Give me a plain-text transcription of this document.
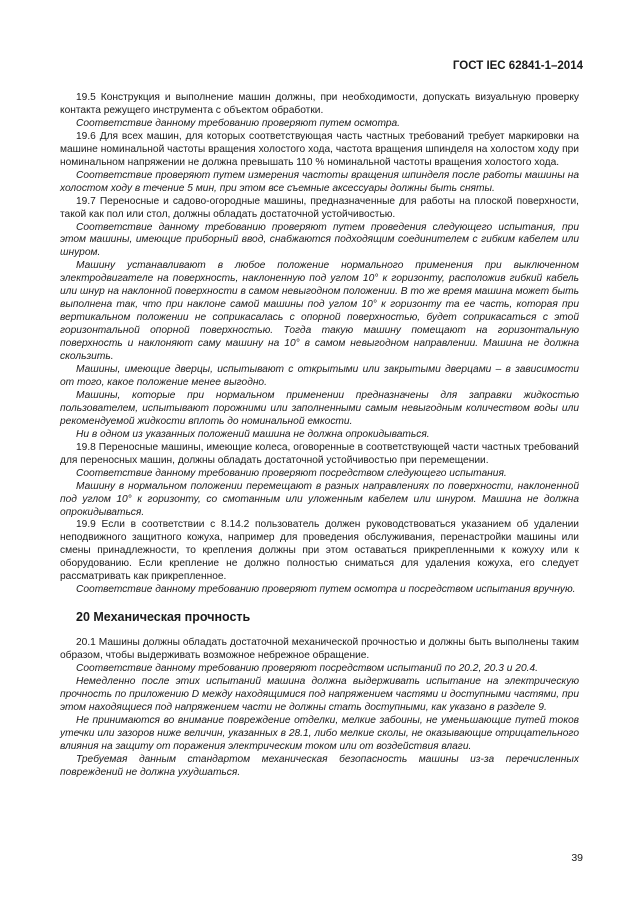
ГОСТ IEC 62841-1–2014

19.5 Конструкция и выполнение машин должны, при необходимости, допускать визуальную проверку контакта режущего инструмента с объектом обработки.

Соответствие данному требованию проверяют путем осмотра.

19.6 Для всех машин, для которых соответствующая часть частных требований требует маркировки на машине номинальной частоты вращения холостого хода, частота вращения шпинделя на холостом ходу при номинальном напряжении не должна превышать 110 % номинальной частоты вращения холостого хода.

Соответствие проверяют путем измерения частоты вращения шпинделя после работы машины на холостом ходу в течение 5 мин, при этом все съемные аксессуары должны быть сняты.

19.7 Переносные и садово-огородные машины, предназначенные для работы на плоской поверхности, такой как пол или стол, должны обладать достаточной устойчивостью.

Соответствие данному требованию проверяют путем проведения следующего испытания, при этом машины, имеющие приборный ввод, снабжаются подходящим соединителем с гибким кабелем или шнуром.

Машину устанавливают в любое положение нормального применения при выключенном электродвигателе на поверхность, наклоненную под углом 10° к горизонту, расположив гибкий кабель или шнур на наклонной поверхности в самом невыгодном положении. В то же время машина может быть выполнена так, что при наклоне самой машины под углом 10° к горизонту та ее часть, которая при вертикальном положении не соприкасалась с опорной поверхностью, будет соприкасаться с этой горизонтальной опорной поверхностью. Тогда такую машину помещают на горизонтальную поверхность и наклоняют саму машину на 10° в самом невыгодном направлении. Машина не должна скользить.

Машины, имеющие дверцы, испытывают с открытыми или закрытыми дверцами – в зависимости от того, какое положение менее выгодно.

Машины, которые при нормальном применении предназначены для заправки жидкостью пользователем, испытывают порожними или заполненными самым невыгодным количеством воды или рекомендуемой жидкости вплоть до номинальной емкости.

Ни в одном из указанных положений машина не должна опрокидываться.

19.8 Переносные машины, имеющие колеса, оговоренные в соответствующей части частных требований для переносных машин, должны обладать достаточной устойчивостью при перемещении.

Соответствие данному требованию проверяют посредством следующего испытания.

Машину в нормальном положении перемещают в разных направлениях по поверхности, наклоненной под углом 10° к горизонту, со смотанным или уложенным кабелем или шнуром. Машина не должна опрокидываться.

19.9 Если в соответствии с 8.14.2 пользователь должен руководствоваться указанием об удалении неподвижного защитного кожуха, например для проведения обслуживания, перенастройки машины или смены принадлежности, то крепления должны при этом оставаться прикрепленными к кожуху или к оборудованию. Если крепление не должно полностью сниматься для удаления кожуха, его следует рассматривать как прикрепленное.

Соответствие данному требованию проверяют путем осмотра и посредством испытания вручную.

20 Механическая прочность

20.1 Машины должны обладать достаточной механической прочностью и должны быть выполнены таким образом, чтобы выдерживать возможное небрежное обращение.

Соответствие данному требованию проверяют посредством испытаний по 20.2, 20.3 и 20.4.

Немедленно после этих испытаний машина должна выдерживать испытание на электрическую прочность по приложению D между находящимися под напряжением частями и доступными частями, при этом находящиеся под напряжением части не должны стать доступными, как указано в разделе 9.

Не принимаются во внимание повреждение отделки, мелкие забоины, не уменьшающие путей токов утечки или зазоров ниже величин, указанных в 28.1, либо мелкие сколы, не оказывающие отрицательного влияния на защиту от поражения электрическим током или от воздействия влаги.

Требуемая данным стандартом механическая безопасность машины из-за перечисленных повреждений не должна ухудшаться.

39
